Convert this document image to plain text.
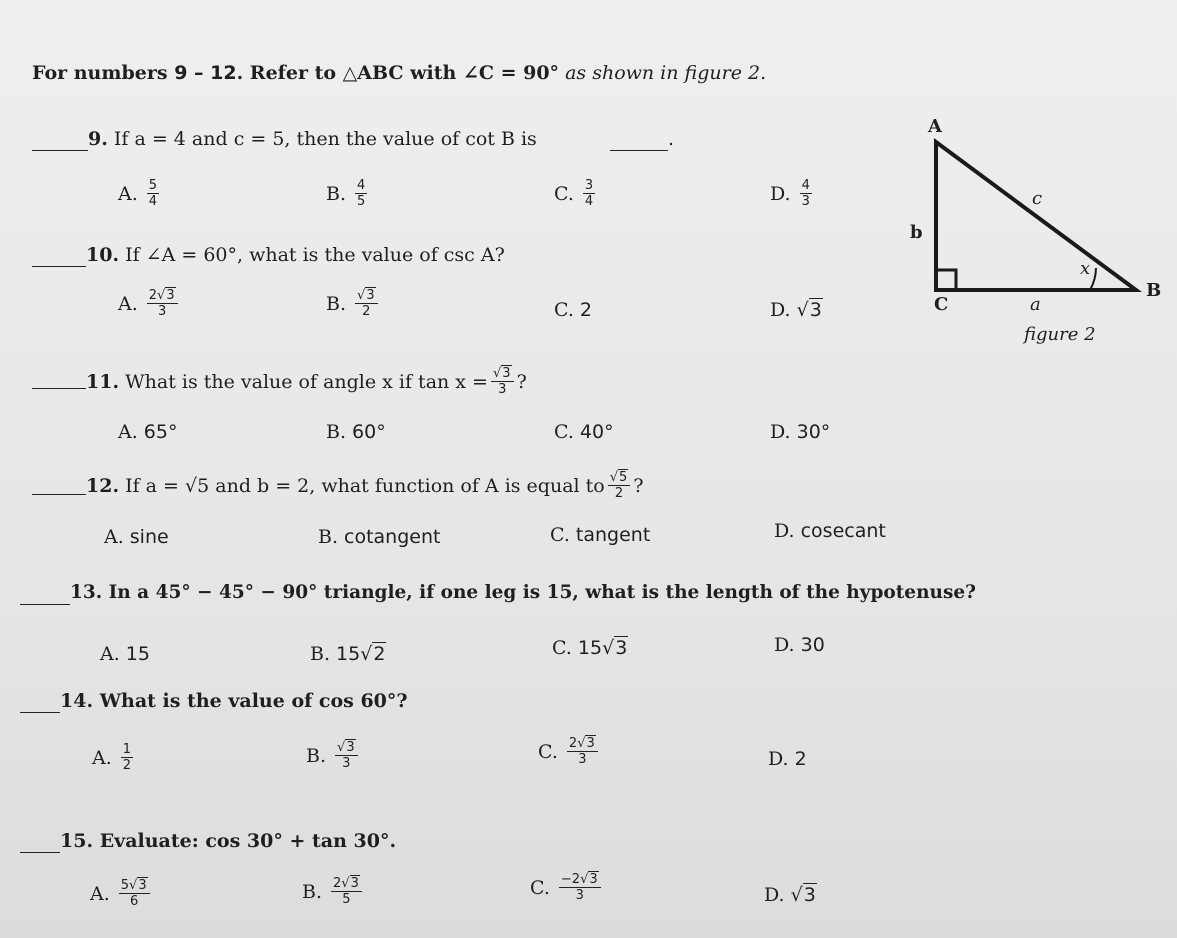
For numbers 9 – 12. Refer to △ABC with ∠C = 90° as shown in figure 2.
9. If a = 4 and c = 5, then the value of cot B is	.
A. $\frac{5}{4}$	B. $\frac{4}{5}$	C. $\frac{3}{4}$	D. $\frac{4}{3}$
10. If ∠A = 60°, what is the value of csc A?
A. $\frac{2√3}{3}$	B. $\frac{√3}{2}$	C. 2	D. √ 3
A
B
C
b
c
a
x
figure 2
11.
What is the value of angle x if $\tan x = \frac{√3}{3}$ ?
A. 65°	B. 60°	C. 40°	D. 30°
12.
If a = √5 and b = 2, what function of A is equal to $\frac{√5}{2}$ ?
A. sine	B. cotangent	C. tangent	D. cosecant
13. In a 45° − 45° − 90° triangle, if one leg is 15, what is the length of the hypotenuse?
A. 15	B. 15 √ 2	C. 15 √ 3	D. 30
14. What is the value of cos 60°?
A. $\frac{1}{2}$	B. $\frac{√3}{3}$	C. $\frac{2√3}{3}$	D. 2
15. Evaluate: cos 30° + tan 30°.
A. $\frac{5√3}{6}$	B. $\frac{2√3}{5}$	C. $\frac{-2√3}{3}$	D. √ 3
